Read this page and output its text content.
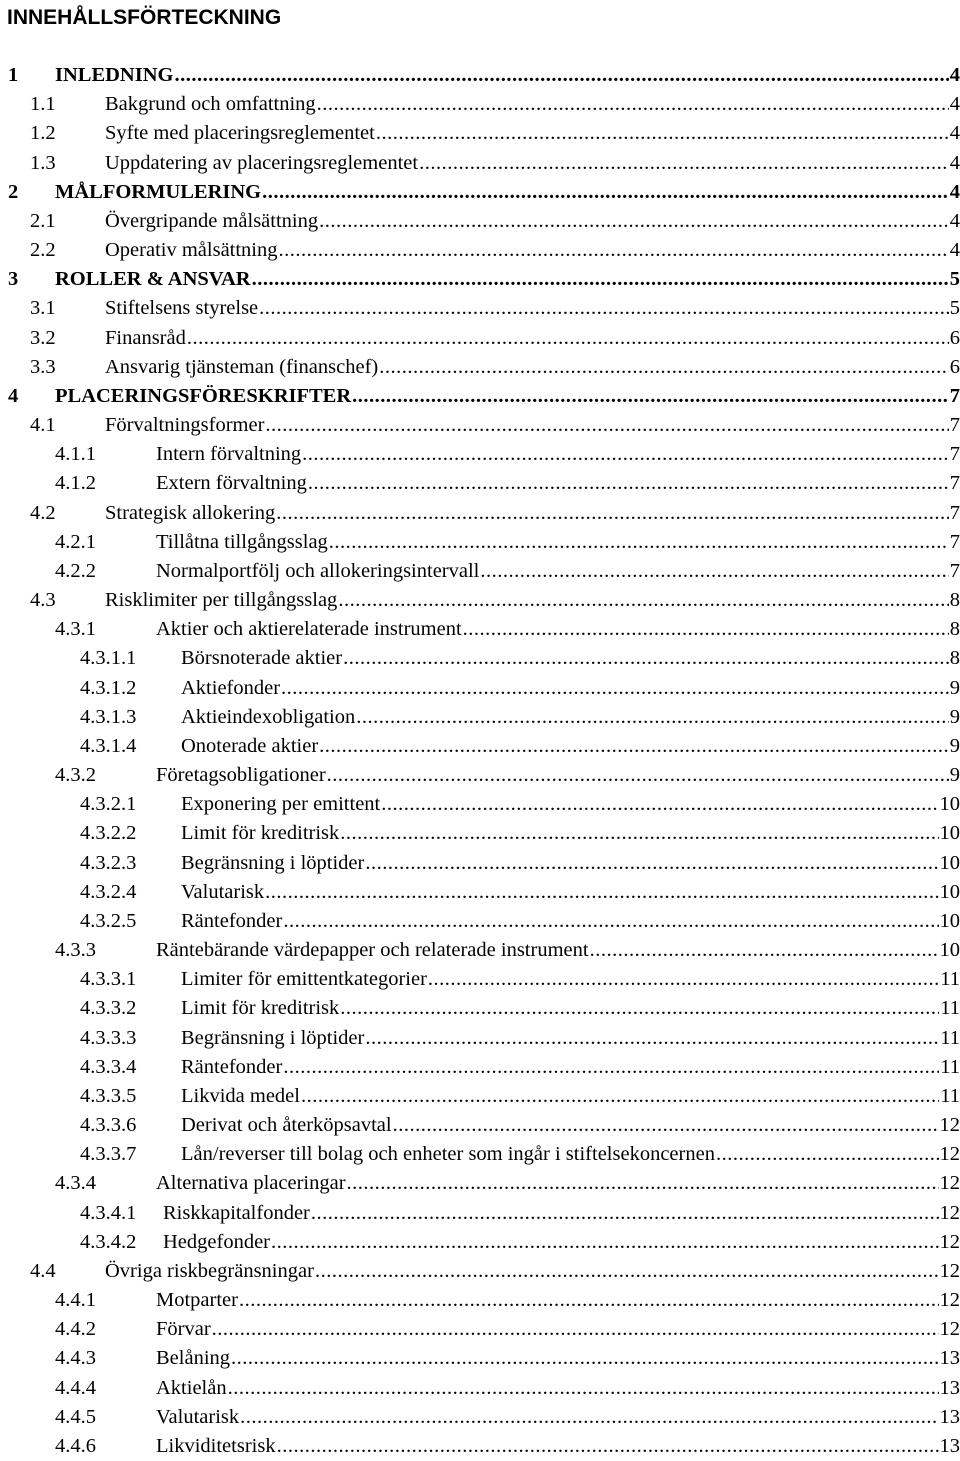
INNEHÅLLSFÖRTECKNING
1	INLEDNING .....	4
1.1	Bakgrund och omfattning .....	4
1.2	Syfte med placeringsreglementet .....	4
1.3	Uppdatering av placeringsreglementet .....	4
2	MÅLFORMULERING .....	4
2.1	Övergripande målsättning .....	4
2.2	Operativ målsättning .....	4
3	ROLLER & ANSVAR .....	5
3.1	Stiftelsens styrelse .....	5
3.2	Finansråd .....	6
3.3	Ansvarig tjänsteman (finanschef) .....	6
4	PLACERINGSFÖRESKRIFTER .....	7
4.1	Förvaltningsformer .....	7
4.1.1	Intern förvaltning .....	7
4.1.2	Extern förvaltning .....	7
4.2	Strategisk allokering .....	7
4.2.1	Tillåtna tillgångsslag .....	7
4.2.2	Normalportfölj och allokeringsintervall .....	7
4.3	Risklimiter per tillgångsslag .....	8
4.3.1	Aktier och aktierelaterade instrument .....	8
4.3.1.1	Börsnoterade aktier .....	8
4.3.1.2	Aktiefonder .....	9
4.3.1.3	Aktieindexobligation .....	9
4.3.1.4	Onoterade aktier .....	9
4.3.2	Företagsobligationer .....	9
4.3.2.1	Exponering per emittent .....	10
4.3.2.2	Limit för kreditrisk .....	10
4.3.2.3	Begränsning i löptider .....	10
4.3.2.4	Valutarisk .....	10
4.3.2.5	Räntefonder .....	10
4.3.3	Räntebärande värdepapper och relaterade instrument .....	10
4.3.3.1	Limiter för emittentkategorier .....	11
4.3.3.2	Limit för kreditrisk .....	11
4.3.3.3	Begränsning i löptider .....	11
4.3.3.4	Räntefonder .....	11
4.3.3.5	Likvida medel .....	11
4.3.3.6	Derivat och återköpsavtal .....	12
4.3.3.7	Lån/reverser till bolag och enheter som ingår i stiftelsekoncernen .....	12
4.3.4	Alternativa placeringar .....	12
4.3.4.1	Riskkapitalfonder .....	12
4.3.4.2	Hedgefonder .....	12
4.4	Övriga riskbegränsningar .....	12
4.4.1	Motparter .....	12
4.4.2	Förvar .....	12
4.4.3	Belåning .....	13
4.4.4	Aktielån .....	13
4.4.5	Valutarisk .....	13
4.4.6	Likviditetsrisk .....	13
